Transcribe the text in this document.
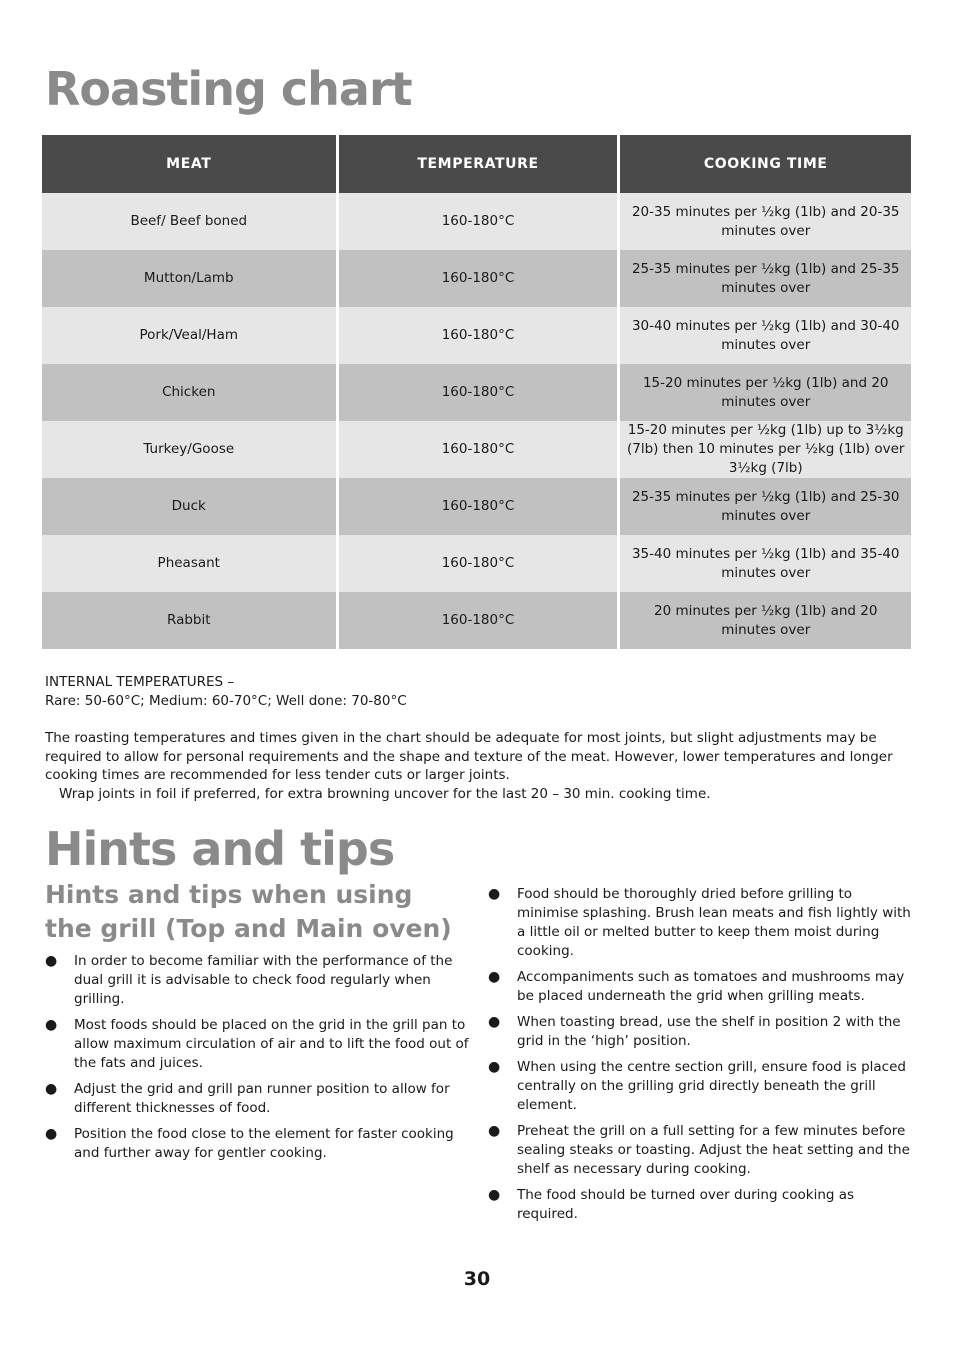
Roasting chart
MEAT	TEMPERATURE	COOKING TIME
Beef/ Beef boned	160-180°C	20-35 minutes per ½kg (1lb) and 20-35 minutes over
Mutton/Lamb	160-180°C	25-35 minutes per ½kg (1lb) and 25-35 minutes over
Pork/Veal/Ham	160-180°C	30-40 minutes per ½kg (1lb) and 30-40 minutes over
Chicken	160-180°C	15-20 minutes per ½kg (1lb) and 20 minutes over
Turkey/Goose	160-180°C	15-20 minutes per ½kg (1lb) up to 3½kg (7lb) then 10 minutes per ½kg (1lb) over 3½kg (7lb)
Duck	160-180°C	25-35 minutes per ½kg (1lb) and 25-30 minutes over
Pheasant	160-180°C	35-40 minutes per ½kg (1lb) and 35-40 minutes over
Rabbit	160-180°C	20 minutes per ½kg (1lb) and 20 minutes over

INTERNAL TEMPERATURES –

Rare: 50-60°C; Medium: 60-70°C; Well done: 70-80°C

The roasting temperatures and times given in the chart should be adequate for most joints, but slight adjustments may be required to allow for personal requirements and the shape and texture of the meat. However, lower temperatures and longer cooking times are recommended for less tender cuts or larger joints.

Wrap joints in foil if preferred, for extra browning uncover for the last 20 – 30 min. cooking time.

Hints and tips
Hints and tips when using the grill (Top and Main oven)
● In order to become familiar with the performance of the dual grill it is advisable to check food regularly when grilling.
● Most foods should be placed on the grid in the grill pan to allow maximum circulation of air and to lift the food out of the fats and juices.
● Adjust the grid and grill pan runner position to allow for different thicknesses of food.
● Position the food close to the element for faster cooking and further away for gentler cooking.
● Food should be thoroughly dried before grilling to minimise splashing. Brush lean meats and fish lightly with a little oil or melted butter to keep them moist during cooking.
● Accompaniments such as tomatoes and mushrooms may be placed underneath the grid when grilling meats.
● When toasting bread, use the shelf in position 2 with the grid in the ‘high’ position.
● When using the centre section grill, ensure food is placed centrally on the grilling grid directly beneath the grill element.
● Preheat the grill on a full setting for a few minutes before sealing steaks or toasting. Adjust the heat setting and the shelf as necessary during cooking.
● The food should be turned over during cooking as required.
30
